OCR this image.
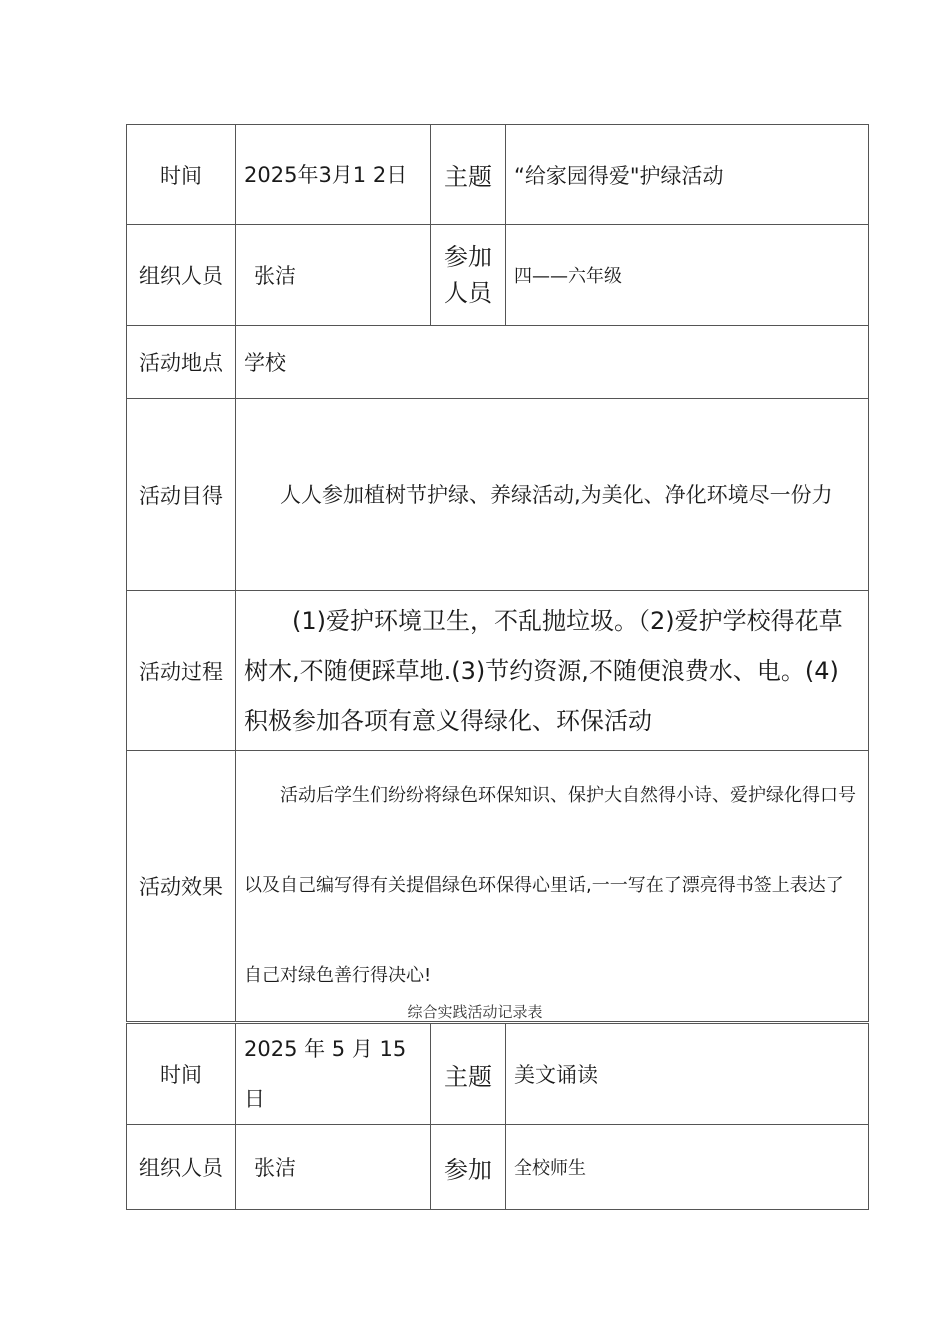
时间	2025年3月1 2日	主题	“给家园得爱"护绿活动
组织人员	张洁	参加人员	四——六年级
活动地点	学校		
活动目得	人人参加植树节护绿、养绿活动,为美化、净化环境尽一份力		
活动过程	(1)爱护环境卫生，不乱抛垃圾。（2)爱护学校得花草树木,不随便踩草地.(3)节约资源,不随便浪费水、电。(4)积极参加各项有意义得绿化、环保活动		
活动效果	活动后学生们纷纷将绿色环保知识、保护大自然得小诗、爱护绿化得口号以及自己编写得有关提倡绿色环保得心里话,一一写在了漂亮得书签上表达了自己对绿色善行得决心!		
综合实践活动记录表
时间	2025 年 5 月 15 日	主题	美文诵读
组织人员	张洁	参加	全校师生
